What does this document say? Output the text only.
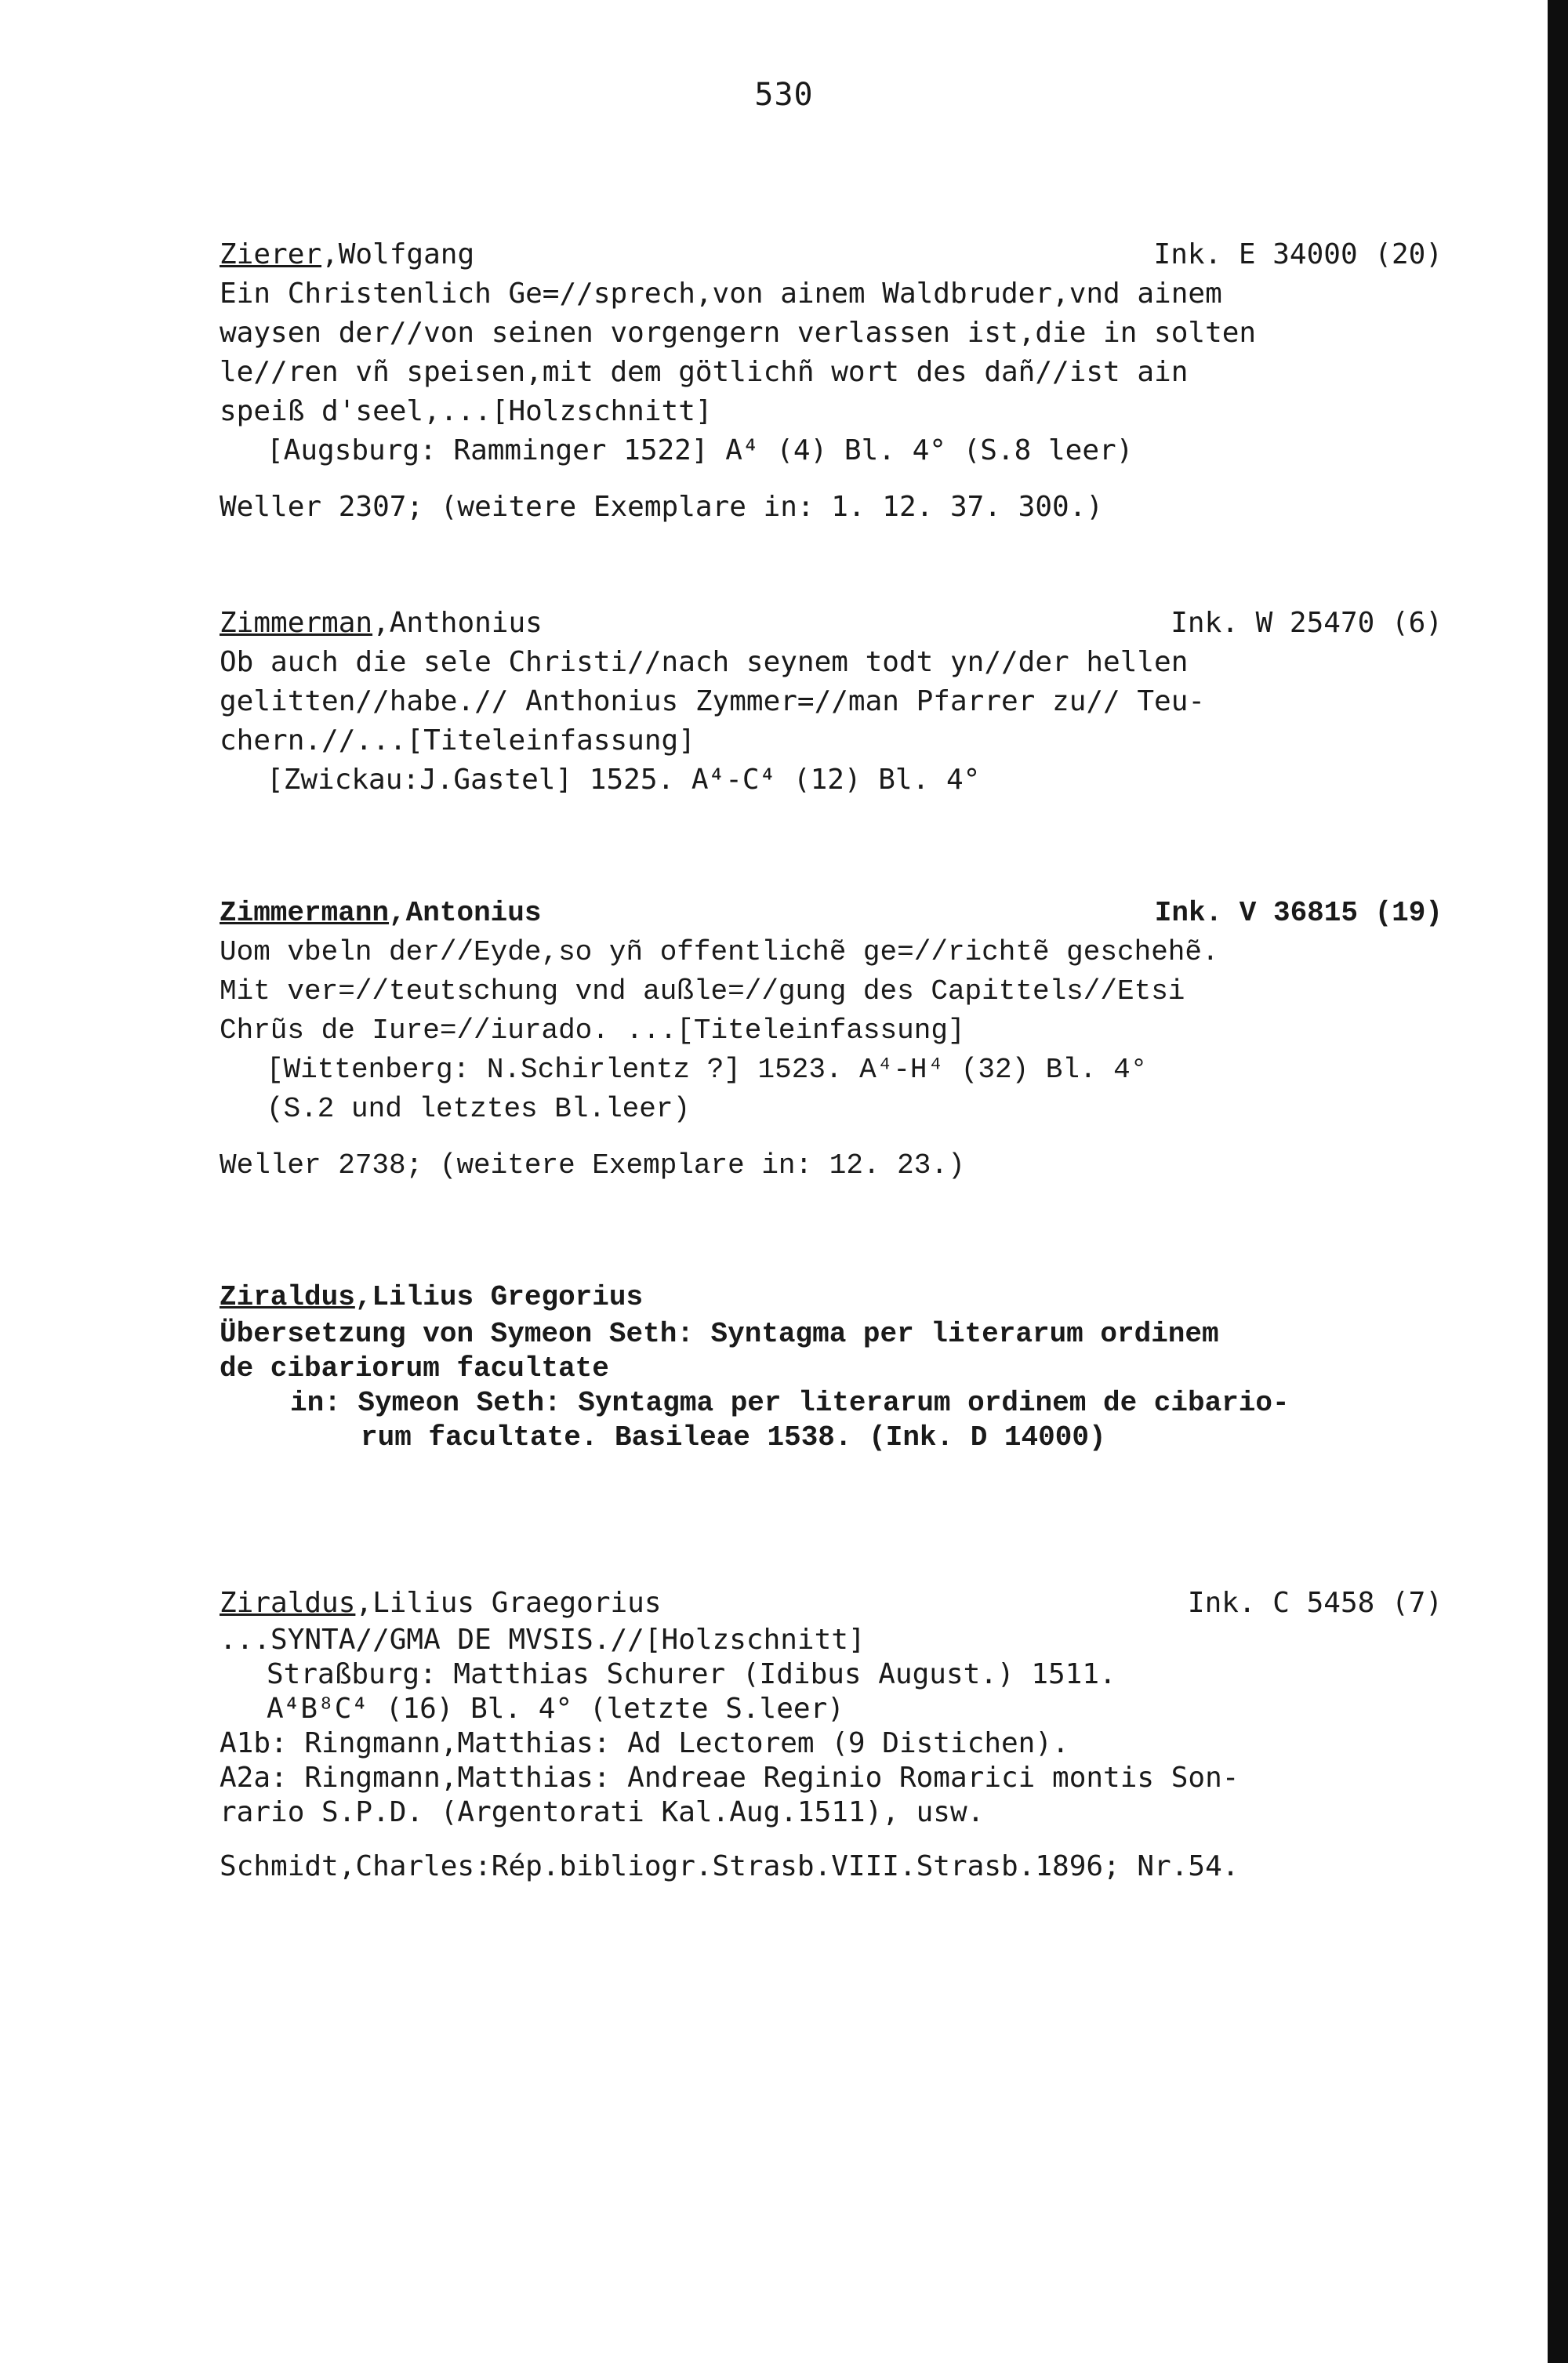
530
Zierer,Wolfgang	Ink. E 34000 (20)
Ein Christenlich Ge=//sprech,von ainem Waldbruder,vnd ainem
waysen der//von seinen vorgengern verlassen ist,die in solten
le//ren vñ speisen,mit dem götlichñ wort des dañ//ist ain
speiß d'seel,...[Holzschnitt]
[Augsburg: Ramminger 1522] A⁴ (4) Bl. 4° (S.8 leer)
Weller 2307; (weitere Exemplare in: 1. 12. 37. 300.)
Zimmerman,Anthonius	Ink. W 25470 (6)
Ob auch die sele Christi//nach seynem todt yn//der hellen
gelitten//habe.// Anthonius Zymmer=//man Pfarrer zu// Teu-
chern.//...[Titeleinfassung]
[Zwickau:J.Gastel] 1525. A⁴-C⁴ (12) Bl. 4°
Zimmermann,Antonius	Ink. V 36815 (19)
Uom vbeln der//Eyde,so yñ offentlichẽ ge=//richtẽ geschehẽ.
Mit ver=//teutschung vnd außle=//gung des Capittels//Etsi
Chrũs de Iure=//iurado. ...[Titeleinfassung]
[Wittenberg: N.Schirlentz ?] 1523. A⁴-H⁴ (32) Bl. 4°
(S.2 und letztes Bl.leer)
Weller 2738; (weitere Exemplare in: 12. 23.)
Ziraldus,Lilius Gregorius
Übersetzung von Symeon Seth: Syntagma per literarum ordinem
de cibariorum facultate
in: Symeon Seth: Syntagma per literarum ordinem de cibario-
rum facultate. Basileae 1538. (Ink. D 14000)
Ziraldus,Lilius Graegorius	Ink. C 5458 (7)
...SYNTA//GMA DE MVSIS.//[Holzschnitt]
Straßburg: Matthias Schurer (Idibus August.) 1511.
A⁴B⁸C⁴ (16) Bl. 4° (letzte S.leer)
A1b: Ringmann,Matthias: Ad Lectorem (9 Distichen).
A2a: Ringmann,Matthias: Andreae Reginio Romarici montis Son-
rario S.P.D. (Argentorati Kal.Aug.1511), usw.
Schmidt,Charles:Rép.bibliogr.Strasb.VIII.Strasb.1896; Nr.54.
